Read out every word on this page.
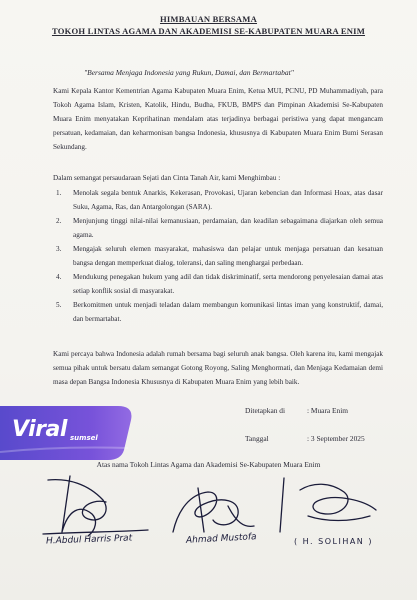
HIMBAUAN BERSAMA
TOKOH LINTAS AGAMA DAN AKADEMISI SE-KABUPATEN MUARA ENIM
"Bersama Menjaga Indonesia yang Rukun, Damai, dan Bermartabat"

Kami Kepala Kantor Kementrian Agama Kabupaten Muara Enim, Ketua MUI, PCNU, PD Muhammadiyah, para Tokoh Agama Islam, Kristen, Katolik, Hindu, Budha, FKUB, BMPS dan Pimpinan Akademisi Se-Kabupaten Muara Enim menyatakan Keprihatinan mendalam atas terjadinya berbagai peristiwa yang dapat mengancam persatuan, kedamaian, dan keharmonisan bangsa Indonesia, khususnya di Kabupaten Muara Enim Bumi Serasan Sekundang.

Dalam semangat persaudaraan Sejati dan Cinta Tanah Air, kami Menghimbau :

1. Menolak segala bentuk Anarkis, Kekerasan, Provokasi, Ujaran kebencian dan Informasi Hoax, atas dasar Suku, Agama, Ras, dan Antargolongan (SARA).
2. Menjunjung tinggi nilai-nilai kemanusiaan, perdamaian, dan keadilan sebagaimana diajarkan oleh semua agama.
3. Mengajak seluruh elemen masyarakat, mahasiswa dan pelajar untuk menjaga persatuan dan kesatuan bangsa dengan memperkuat dialog, toleransi, dan saling menghargai perbedaan.
4. Mendukung penegakan hukum yang adil dan tidak diskriminatif, serta mendorong penyelesaian damai atas setiap konflik sosial di masyarakat.
5. Berkomitmen untuk menjadi teladan dalam membangun komunikasi lintas iman yang konstruktif, damai, dan bermartabat.

Kami percaya bahwa Indonesia adalah rumah bersama bagi seluruh anak bangsa. Oleh karena itu, kami mengajak semua pihak untuk bersatu dalam semangat Gotong Royong, Saling Menghormati, dan Menjaga Kedamaian demi masa depan Bangsa Indonesia Khususnya di Kabupaten Muara Enim yang lebih baik.

Viral sumsel
Ditetapkan di	: Muara Enim
Tanggal	: 3 September 2025
Atas nama Tokoh Lintas Agama dan Akademisi Se-Kabupaten Muara Enim
H.Abdul Harris Prat	Ahmad Mustofa	( H. SOLIHAN )
